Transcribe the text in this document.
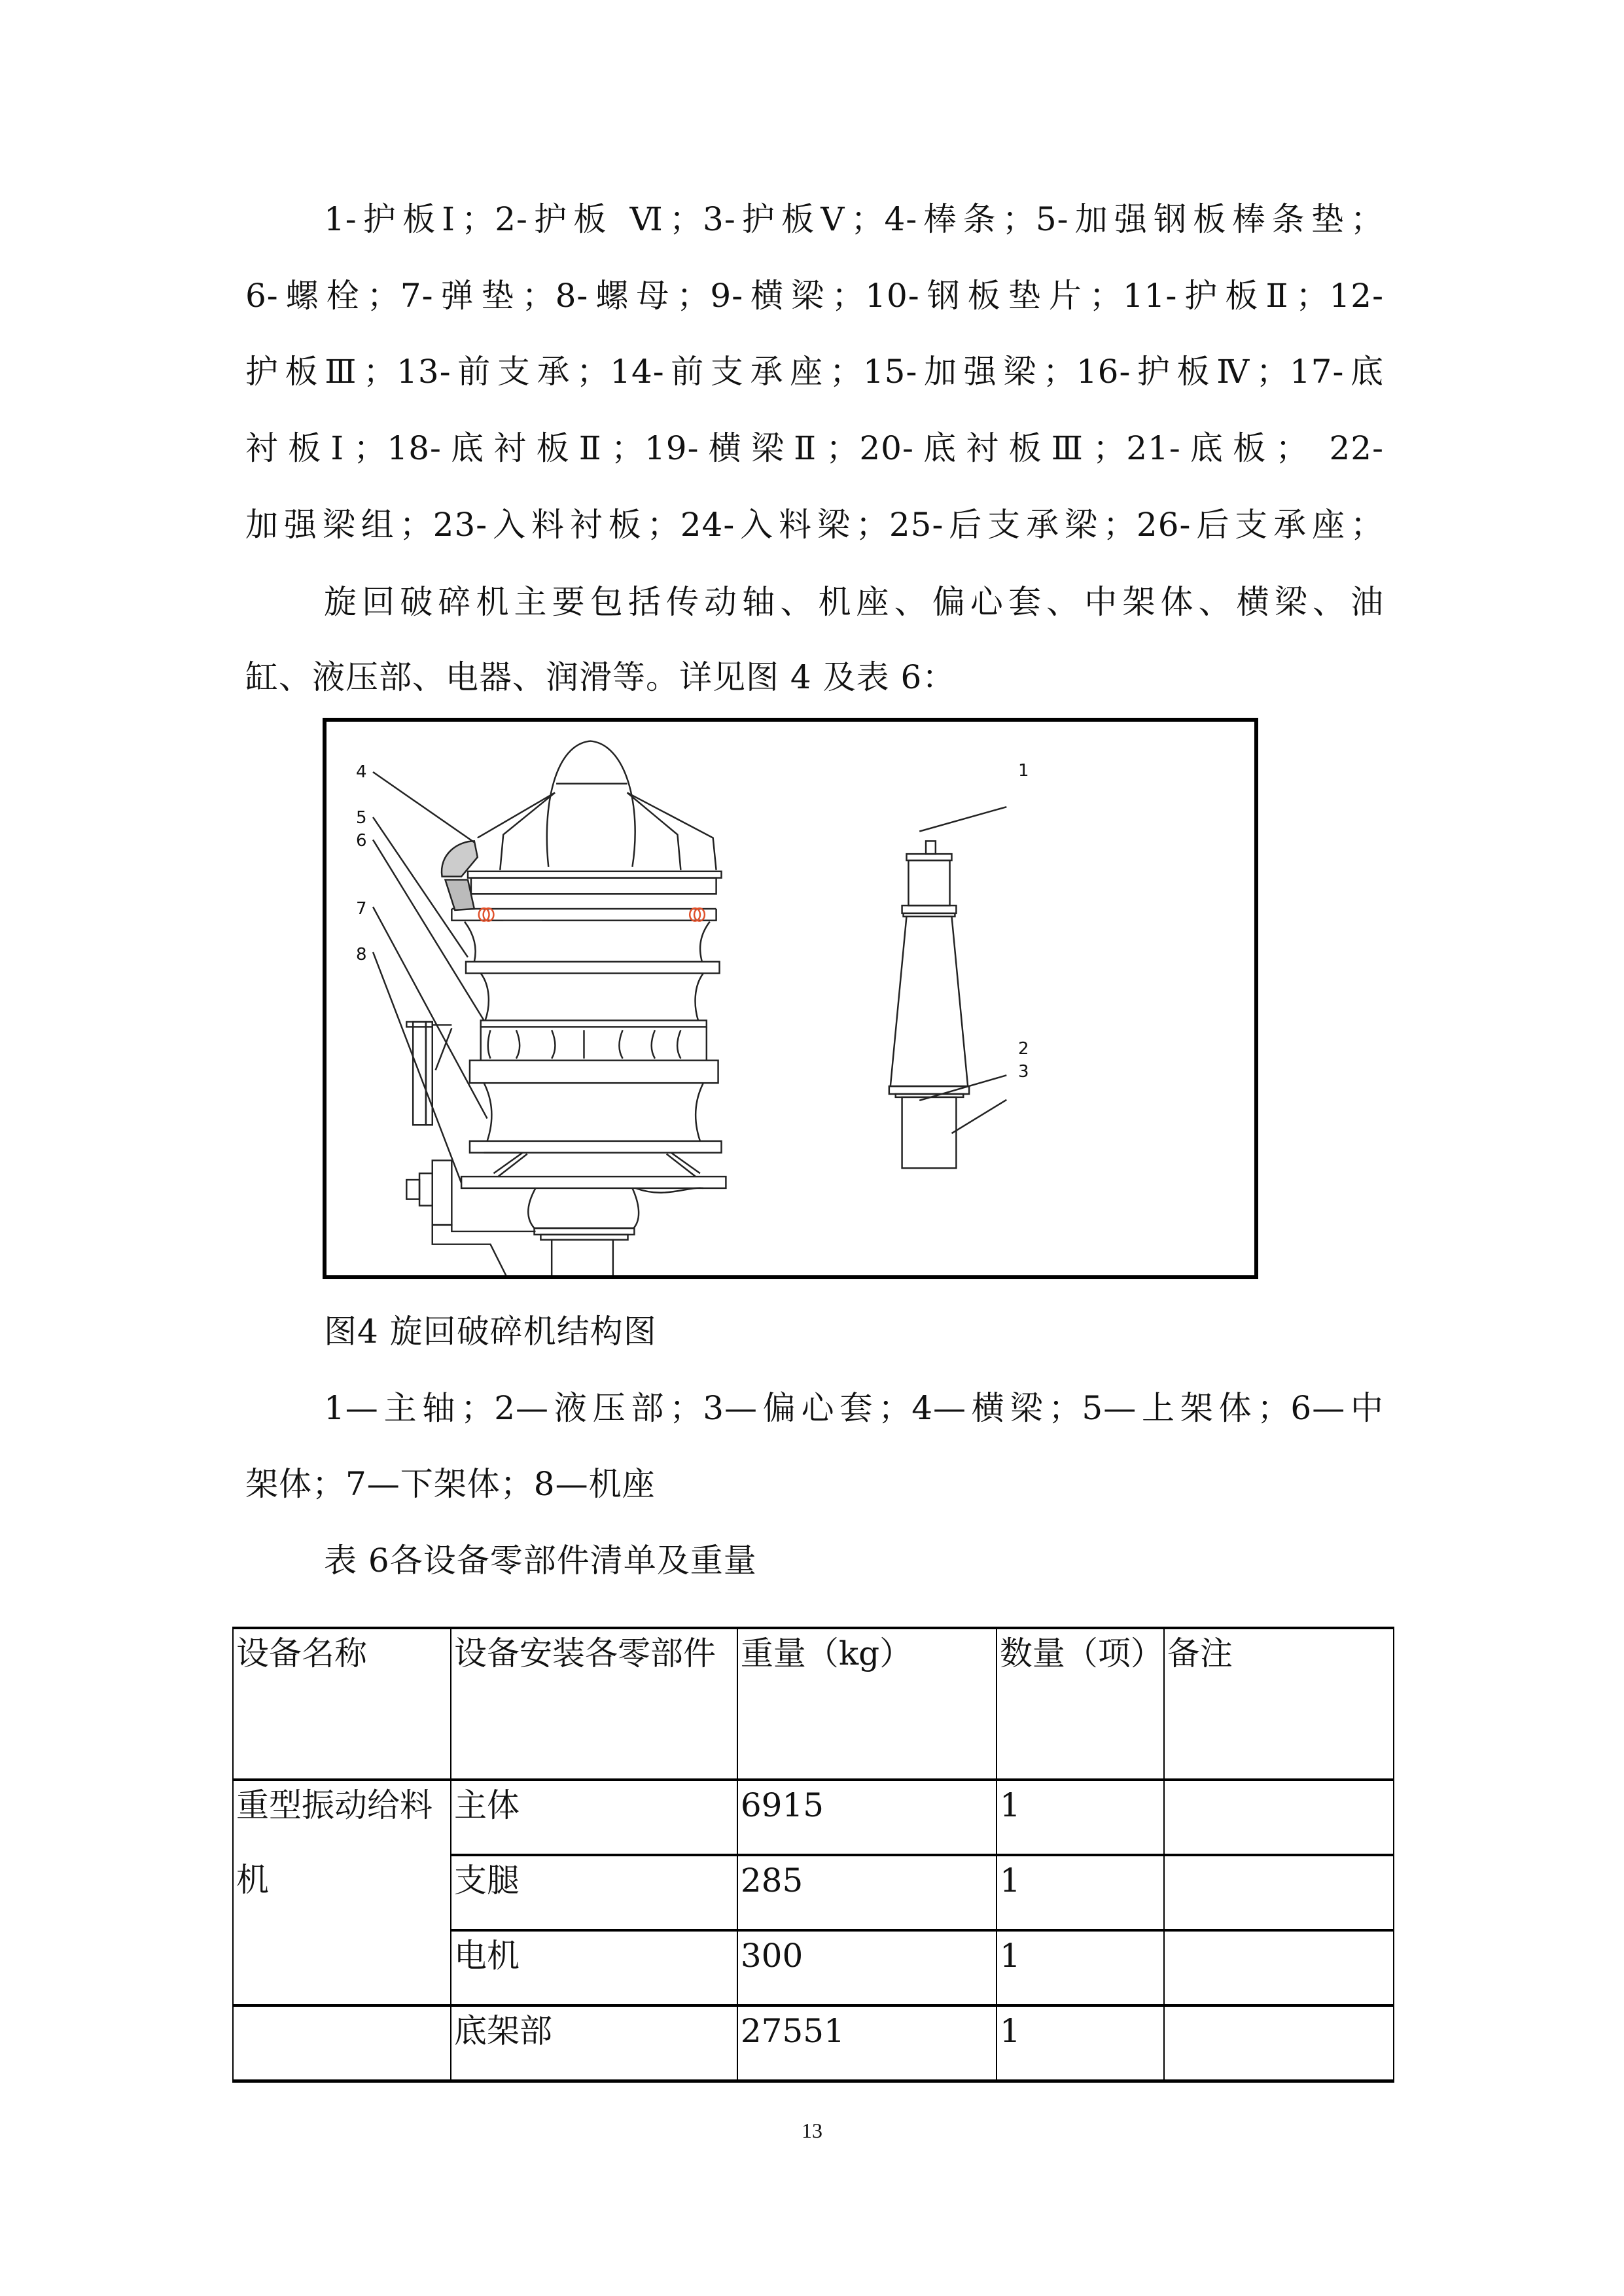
1-护板Ⅰ；2-护板 Ⅵ；3-护板Ⅴ；4-棒条；5-加强钢板棒条垫；
6-螺栓；7-弹垫；8-螺母；9-横梁；10-钢板垫片；11-护板Ⅱ；12-
护板Ⅲ；13-前支承；14-前支承座；15-加强梁；16-护板Ⅳ；17-底
衬板Ⅰ；18-底衬板Ⅱ；19-横梁Ⅱ；20-底衬板Ⅲ；21-底板； 22-
加强梁组；23-入料衬板；24-入料梁；25-后支承梁；26-后支承座；
旋回破碎机主要包括传动轴、机座、偏心套、中架体、横梁、油
缸、液压部、电器、润滑等。详见图 4 及表 6：
1
2
3
4
5
6
7
8
图4 旋回破碎机结构图
1—主轴；2—液压部；3—偏心套；4—横梁；5—上架体；6—中
架体；7—下架体；8—机座
表 6各设备零部件清单及重量
设备名称	设备安装各零部件	重量（kg）	数量（项）	备注

重型振动给料机	主体	6915	1	

	支腿	285	1	

	电机	300	1	

	底架部	27551	1	

13
